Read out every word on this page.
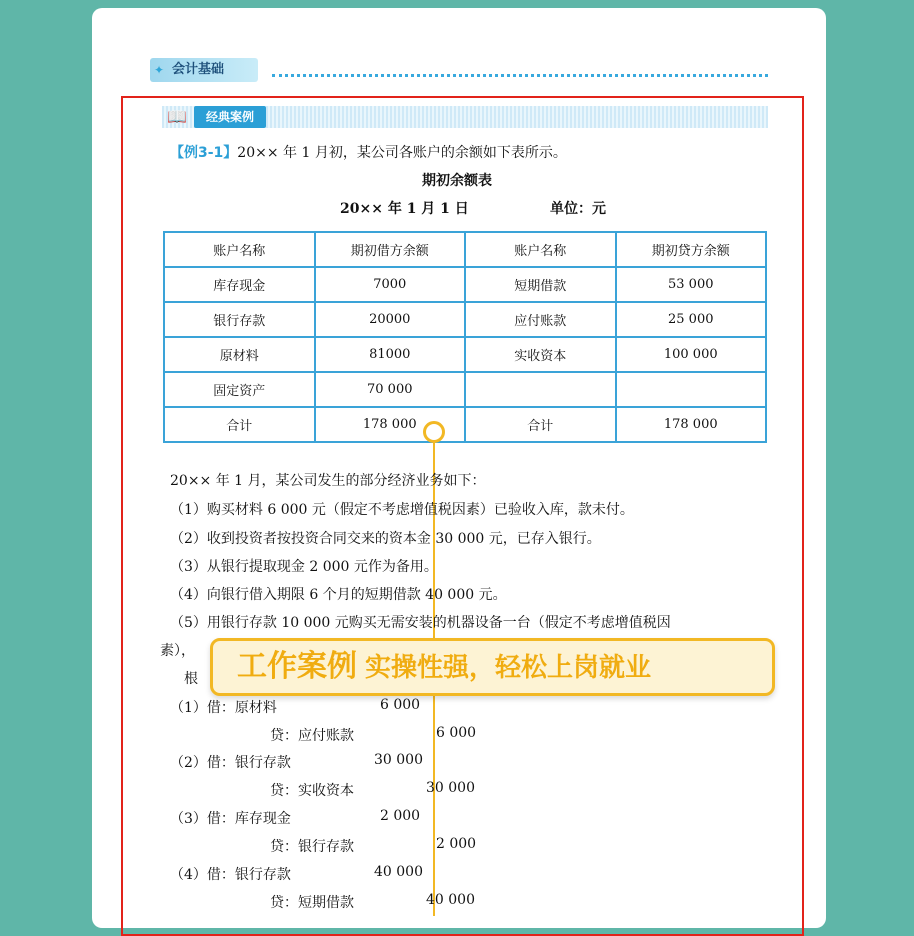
✦ 会计基础
📖	经典案例
【例3-1】20×× 年 1 月初，某公司各账户的余额如下表所示。
期初余额表
20×× 年 1 月 1 日	单位：元
账户名称	期初借方余额	账户名称	期初贷方余额
库存现金	7000	短期借款	53 000
银行存款	20000	应付账款	25 000
原材料	81000	实收资本	100 000
固定资产	70 000		
合计	178 000	合计	178 000
20×× 年 1 月，某公司发生的部分经济业务如下：
（1）购买材料 6 000 元（假定不考虑增值税因素）已验收入库，款未付。
（2）收到投资者按投资合同交来的资本金 30 000 元，已存入银行。
（3）从银行提取现金 2 000 元作为备用。
（4）向银行借入期限 6 个月的短期借款 40 000 元。
（5）用银行存款 10 000 元购买无需安装的机器设备一台（假定不考虑增值税因
素），
根	工作案例 实操性强，轻松上岗就业
（1）借：原材料	6 000
贷：应付账款	6 000
（2）借：银行存款	30 000
贷：实收资本	30 000
（3）借：库存现金	2 000
贷：银行存款	2 000
（4）借：银行存款	40 000
贷：短期借款	40 000
